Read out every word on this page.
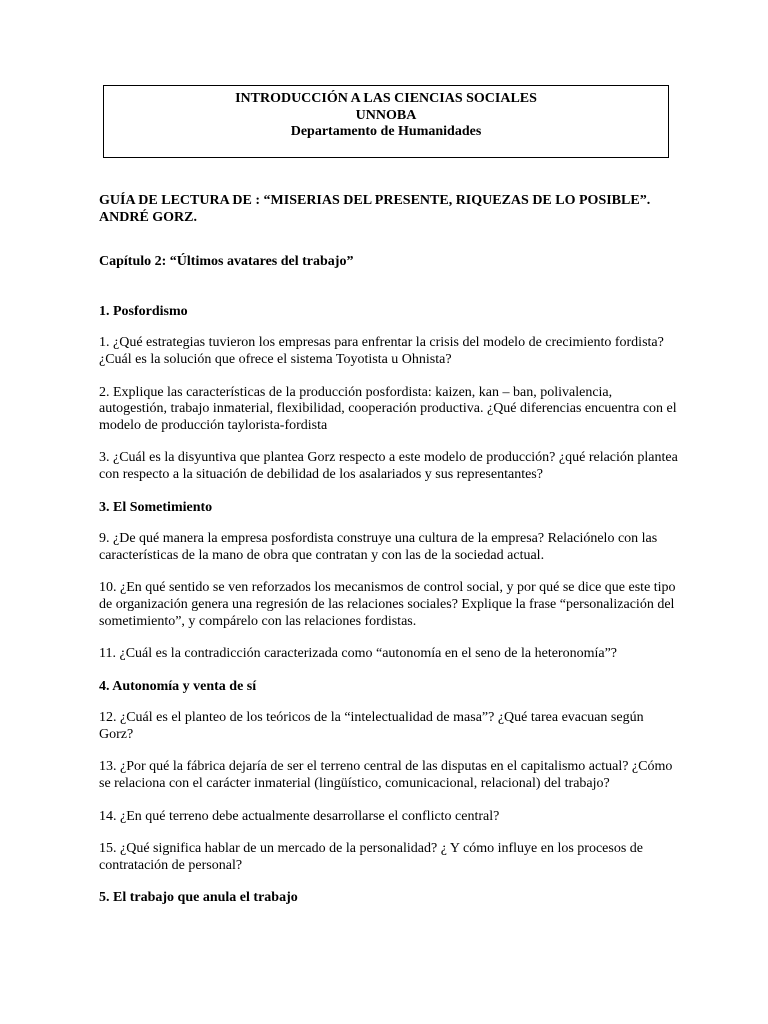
INTRODUCCIÓN A LAS CIENCIAS SOCIALES
UNNOBA
Departamento de Humanidades
GUÍA DE LECTURA DE : “MISERIAS DEL PRESENTE, RIQUEZAS DE LO POSIBLE”.
ANDRÉ GORZ.
Capítulo 2: “Últimos avatares del trabajo”
1. Posfordismo
1. ¿Qué estrategias tuvieron los empresas para enfrentar la crisis del modelo de crecimiento fordista? ¿Cuál es la solución que ofrece el sistema Toyotista u Ohnista?
2. Explique las características de la producción posfordista: kaizen, kan – ban, polivalencia, autogestión, trabajo inmaterial, flexibilidad, cooperación productiva. ¿Qué diferencias encuentra con el modelo de producción taylorista-fordista
3. ¿Cuál es la disyuntiva que plantea Gorz respecto a este modelo de producción? ¿qué relación plantea con respecto a la situación de debilidad de los asalariados y sus representantes?
3. El Sometimiento
9. ¿De qué manera la empresa posfordista construye una cultura de la empresa? Relaciónelo con las características de la mano de obra que contratan y con las de la sociedad actual.
10. ¿En qué sentido se ven reforzados los mecanismos de control social, y por qué se dice que este tipo de organización genera una regresión de las relaciones sociales? Explique la frase “personalización del sometimiento”, y compárelo con las relaciones fordistas.
11. ¿Cuál es la contradicción caracterizada como “autonomía en el seno de la heteronomía”?
4. Autonomía y venta de sí
12. ¿Cuál es el planteo de los teóricos de la “intelectualidad de masa”? ¿Qué tarea evacuan según Gorz?
13. ¿Por qué la fábrica dejaría de ser el terreno central de las disputas en el capitalismo actual? ¿Cómo se relaciona con el carácter inmaterial (lingüístico, comunicacional, relacional) del trabajo?
14. ¿En qué terreno debe actualmente desarrollarse el conflicto central?
15. ¿Qué significa hablar de un mercado de la personalidad? ¿ Y cómo influye en los procesos de contratación de personal?
5. El trabajo que anula el trabajo
